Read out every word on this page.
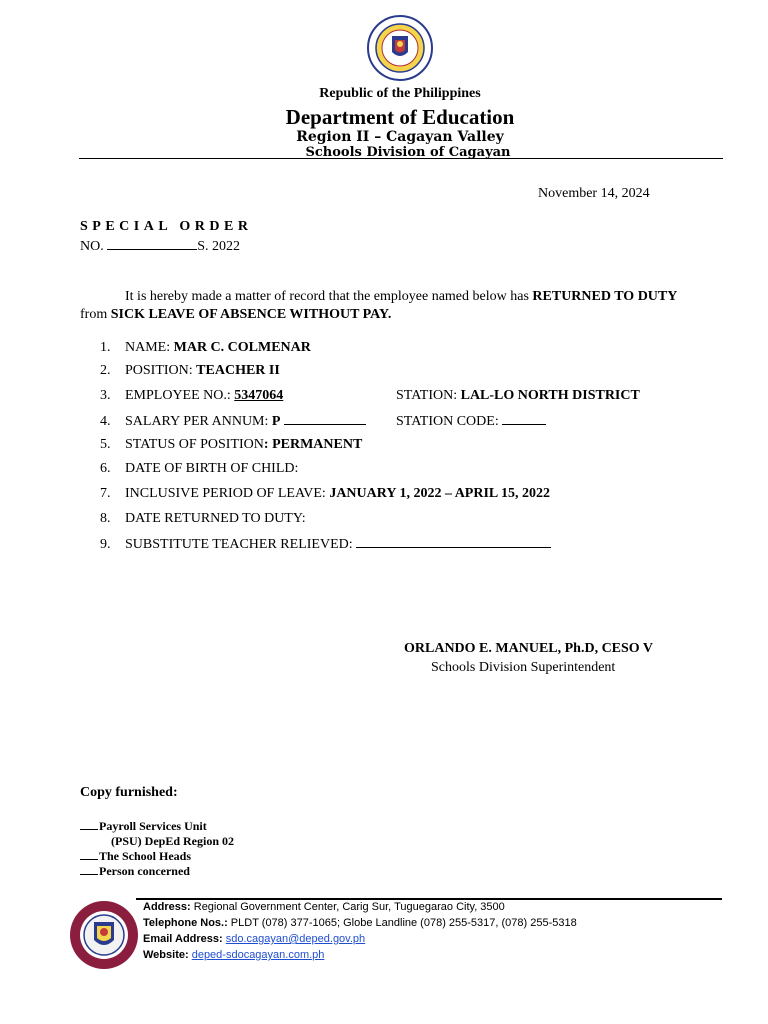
Republic of the Philippines
Department of Education
Region II – Cagayan Valley
Schools Division of Cagayan
November 14, 2024
SPECIAL ORDER
NO.	S. 2022
It is hereby made a matter of record that the employee named below has RETURNED TO DUTY
from SICK LEAVE OF ABSENCE WITHOUT PAY.
1. NAME: MAR C. COLMENAR
2. POSITION: TEACHER II
3. EMPLOYEE NO.: 5347064	STATION: LAL-LO NORTH DISTRICT
4. SALARY PER ANNUM: P	STATION CODE:
5. STATUS OF POSITION: PERMANENT
6. DATE OF BIRTH OF CHILD:
7. INCLUSIVE PERIOD OF LEAVE: JANUARY 1, 2022 – APRIL 15, 2022
8. DATE RETURNED TO DUTY:
9. SUBSTITUTE TEACHER RELIEVED:
ORLANDO E. MANUEL, Ph.D, CESO V
Schools Division Superintendent
Copy furnished:
Payroll Services Unit
(PSU) DepEd Region 02
The School Heads
Person concerned
Address: Regional Government Center, Carig Sur, Tuguegarao City, 3500
Telephone Nos.: PLDT (078) 377-1065; Globe Landline (078) 255-5317, (078) 255-5318
Email Address: sdo.cagayan@deped.gov.ph
Website: deped-sdocagayan.com.ph
